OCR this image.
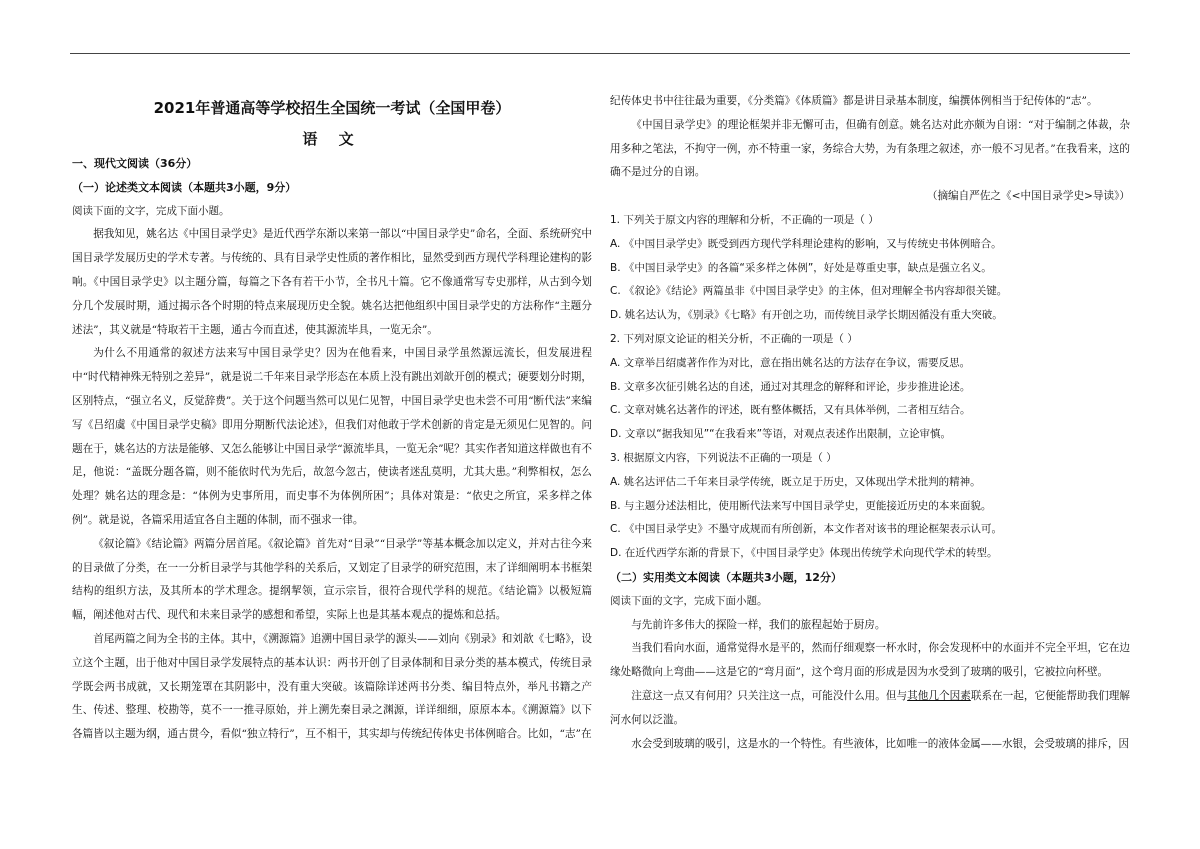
2021年普通高等学校招生全国统一考试（全国甲卷）
语 文
一、现代文阅读（36分）
（一）论述类文本阅读（本题共3小题，9分）
阅读下面的文字，完成下面小题。

据我知见，姚名达《中国目录学史》是近代西学东渐以来第一部以“中国目录学史”命名，全面、系统研究中国目录学发展历史的学术专著。与传统的、具有目录学史性质的著作相比，显然受到西方现代学科理论建构的影响。《中国目录学史》以主题分篇，每篇之下各有若干小节，全书凡十篇。它不像通常写专史那样，从古到今划分几个发展时期，通过揭示各个时期的特点来展现历史全貌。姚名达把他组织中国目录学史的方法称作“主题分述法”，其义就是“特取若干主题，通古今而直述，使其源流毕具，一览无余”。

为什么不用通常的叙述方法来写中国目录学史？因为在他看来，中国目录学虽然源远流长，但发展进程中“时代精神殊无特别之差异”，就是说二千年来目录学形态在本质上没有跳出刘歆开创的模式；硬要划分时期，区别特点，“强立名义，反觉辞费”。关于这个问题当然可以见仁见智，中国目录学史也未尝不可用“断代法”来编写《吕绍虞《中国目录学史稿》即用分期断代法论述》，但我们对他敢于学术创新的肯定是无须见仁见智的。问题在于，姚名达的方法是能够、又怎么能够让中国目录学“源流毕具，一览无余”呢？其实作者知道这样做也有不足，他说：“盖既分题各篇，则不能依时代为先后，故忽今忽古，使读者迷乱莫明，尤其大患。”利弊相权，怎么处理？姚名达的理念是：“体例为史事所用，而史事不为体例所困”；具体对策是：“依史之所宜，采多样之体例”。就是说，各篇采用适宜各自主题的体制，而不强求一律。

《叙论篇》《结论篇》两篇分居首尾。《叙论篇》首先对“目录”“目录学”等基本概念加以定义，并对古往今来的目录做了分类，在一一分析目录学与其他学科的关系后，又划定了目录学的研究范围，末了详细阐明本书框架结构的组织方法，及其所本的学术理念。提纲挈领，宣示宗旨，很符合现代学科的规范。《结论篇》以极短篇幅，阐述他对古代、现代和未来目录学的感想和希望，实际上也是其基本观点的提炼和总括。

首尾两篇之间为全书的主体。其中，《溯源篇》追溯中国目录学的源头——刘向《别录》和刘歆《七略》，设立这个主题，出于他对中国目录学发展特点的基本认识：两书开创了目录体制和目录分类的基本模式，传统目录学既会两书成就，又长期笼罩在其阴影中，没有重大突破。该篇除详述两书分类、编目特点外，举凡书籍之产生、传述、整理、校勘等，莫不一一推寻原始，并上溯先秦目录之渊源，详详细细，原原本本。《溯源篇》以下各篇皆以主题为纲，通古贯今，看似“独立特行”，互不相干，其实却与传统纪传体史书体例暗合。比如，“志”在

纪传体史书中往往最为重要，《分类篇》《体质篇》都是讲目录基本制度，编撰体例相当于纪传体的“志”。

《中国目录学史》的理论框架并非无懈可击，但确有创意。姚名达对此亦颇为自诩：“对于编制之体裁，杂用多种之笔法，不拘守一例，亦不特重一家，务综合大势，为有条理之叙述，亦一般不习见者。”在我看来，这的确不是过分的自诩。

（摘编自严佐之《<中国目录学史>导读》）

1. 下列关于原文内容的理解和分析，不正确的一项是（ ）
A. 《中国目录学史》既受到西方现代学科理论建构的影响，又与传统史书体例暗合。
B. 《中国目录学史》的各篇“采多样之体例”，好处是尊重史事，缺点是强立名义。
C. 《叙论》《结论》两篇虽非《中国目录学史》的主体，但对理解全书内容却很关键。
D. 姚名达认为，《别录》《七略》有开创之功，而传统目录学长期因循没有重大突破。
2. 下列对原文论证的相关分析，不正确的一项是（ ）
A. 文章举吕绍虞著作作为对比，意在指出姚名达的方法存在争议，需要反思。
B. 文章多次征引姚名达的自述，通过对其理念的解释和评论，步步推进论述。
C. 文章对姚名达著作的评述，既有整体概括，又有具体举例，二者相互结合。
D. 文章以“据我知见”“在我看来”等语，对观点表述作出限制，立论审慎。
3. 根据原文内容，下列说法不正确的一项是（ ）
A. 姚名达评估二千年来目录学传统，既立足于历史，又体现出学术批判的精神。
B. 与主题分述法相比，使用断代法来写中国目录学史，更能接近历史的本来面貌。
C. 《中国目录学史》不墨守成规而有所创新，本文作者对该书的理论框架表示认可。
D. 在近代西学东渐的背景下，《中国目录学史》体现出传统学术向现代学术的转型。
（二）实用类文本阅读（本题共3小题，12分）
阅读下面的文字，完成下面小题。

与先前许多伟大的探险一样，我们的旅程起始于厨房。

当我们看向水面，通常觉得水是平的，然而仔细观察一杯水时，你会发现杯中的水面并不完全平坦，它在边缘处略微向上弯曲——这是它的“弯月面”，这个弯月面的形成是因为水受到了玻璃的吸引，它被拉向杯壁。

注意这一点又有何用？只关注这一点，可能没什么用。但与其他几个因素联系在一起，它便能帮助我们理解河水何以泛滥。

水会受到玻璃的吸引，这是水的一个特性。有些液体，比如唯一的液体金属——水银，会受玻璃的排斥，因
